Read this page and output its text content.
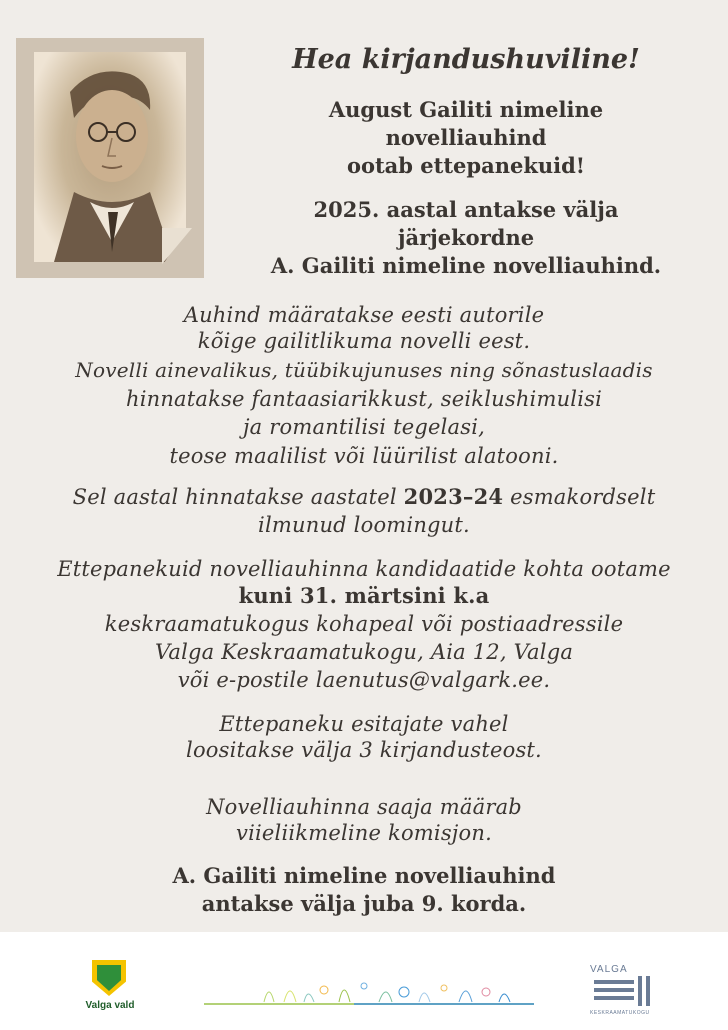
Hea kirjandushuviline!
August Gailiti nimeline
novelliauhind
ootab ettepanekuid!
2025. aastal antakse välja
järjekordne
A. Gailiti nimeline novelliauhind.
Auhind määratakse eesti autorile
kõige gailitlikuma novelli eest.
Novelli ainevalikus, tüübikujunuses ning sõnastuslaadis
hinnatakse fantaasiarikkust, seiklushimulisi
ja romantilisi tegelasi,
teose maalilist või lüürilist alatooni.
Sel aastal hinnatakse aastatel 2023–24 esmakordselt
ilmunud loomingut.
Ettepanekuid novelliauhinna kandidaatide kohta ootame
kuni 31. märtsini k.a
keskraamatukogus kohapeal või postiaadressile
Valga Keskraamatukogu, Aia 12, Valga
või e-postile laenutus@valgark.ee.
Ettepaneku esitajate vahel
loositakse välja 3 kirjandusteost.
Novelliauhinna saaja määrab
viieliikmeline komisjon.
A. Gailiti nimeline novelliauhind
antakse välja juba 9. korda.
Valga vald
VALGA
KESKRAAMATUKOGU
